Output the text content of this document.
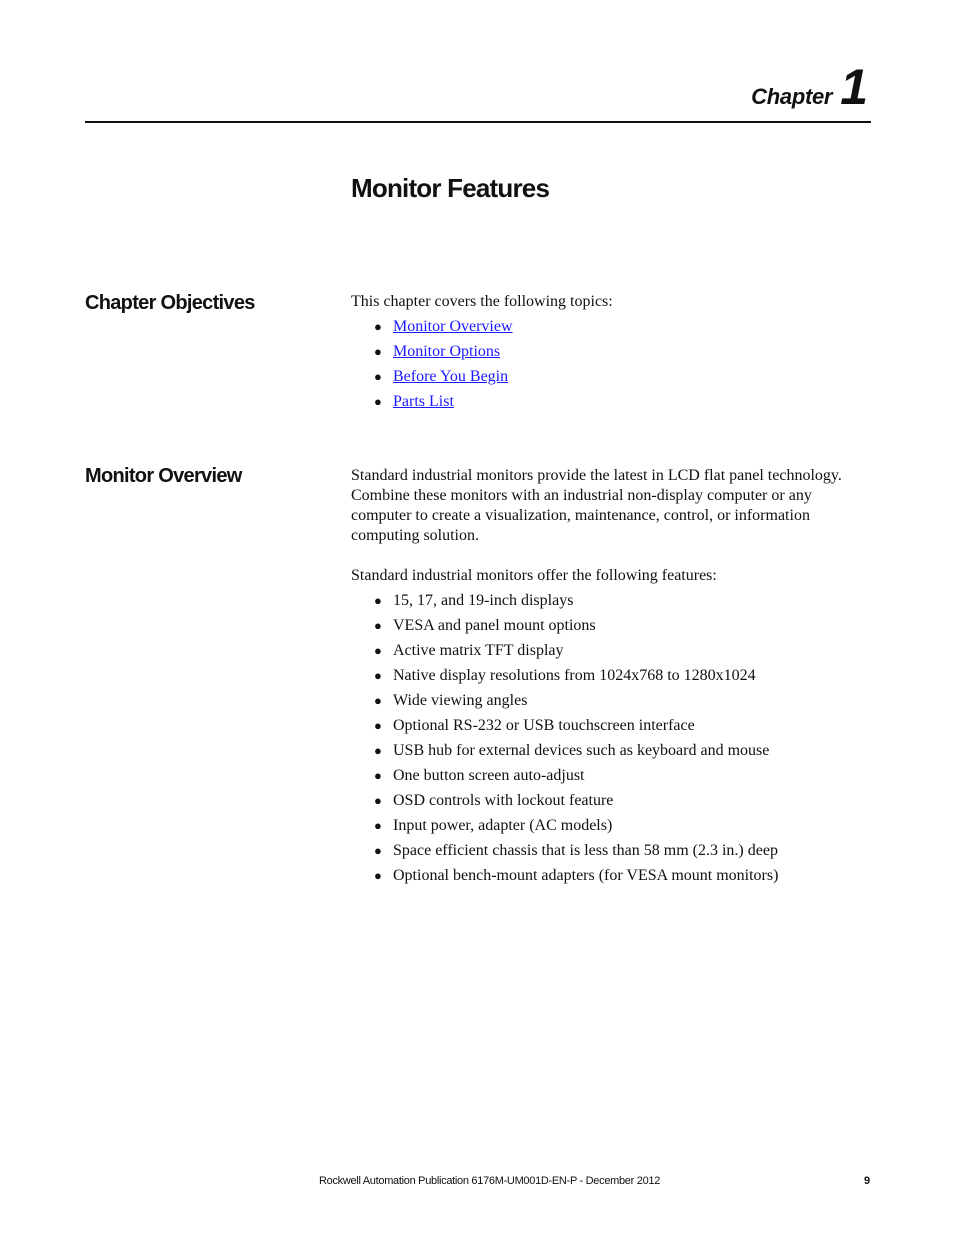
Chapter 1
Monitor Features
Chapter Objectives	This chapter covers the following topics:

● Monitor Overview
● Monitor Options
● Before You Begin
● Parts List
Monitor Overview	Standard industrial monitors provide the latest in LCD flat panel technology. Combine these monitors with an industrial non-display computer or any computer to create a visualization, maintenance, control, or information computing solution.

Standard industrial monitors offer the following features:

● 15, 17, and 19-inch displays
● VESA and panel mount options
● Active matrix TFT display
● Native display resolutions from 1024x768 to 1280x1024
● Wide viewing angles
● Optional RS-232 or USB touchscreen interface
● USB hub for external devices such as keyboard and mouse
● One button screen auto-adjust
● OSD controls with lockout feature
● Input power, adapter (AC models)
● Space efficient chassis that is less than 58 mm (2.3 in.) deep
● Optional bench-mount adapters (for VESA mount monitors)
Rockwell Automation Publication 6176M-UM001D-EN-P - December 2012	9
